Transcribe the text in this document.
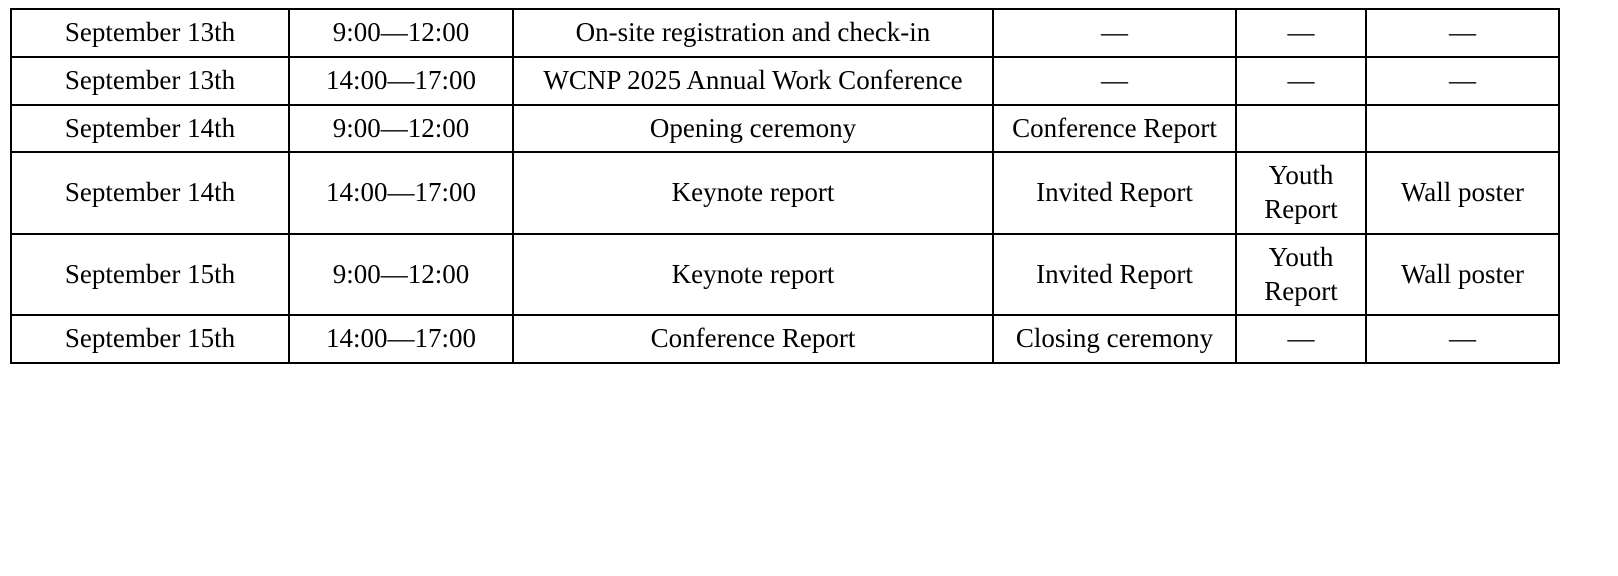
September 13th	9:00—12:00	On-site registration and check-in	—	—	—
September 13th	14:00—17:00	WCNP 2025 Annual Work Conference	—	—	—
September 14th	9:00—12:00	Opening ceremony	Conference Report		
September 14th	14:00—17:00	Keynote report	Invited Report	Youth Report	Wall poster
September 15th	9:00—12:00	Keynote report	Invited Report	Youth Report	Wall poster
September 15th	14:00—17:00	Conference Report	Closing ceremony	—	—
